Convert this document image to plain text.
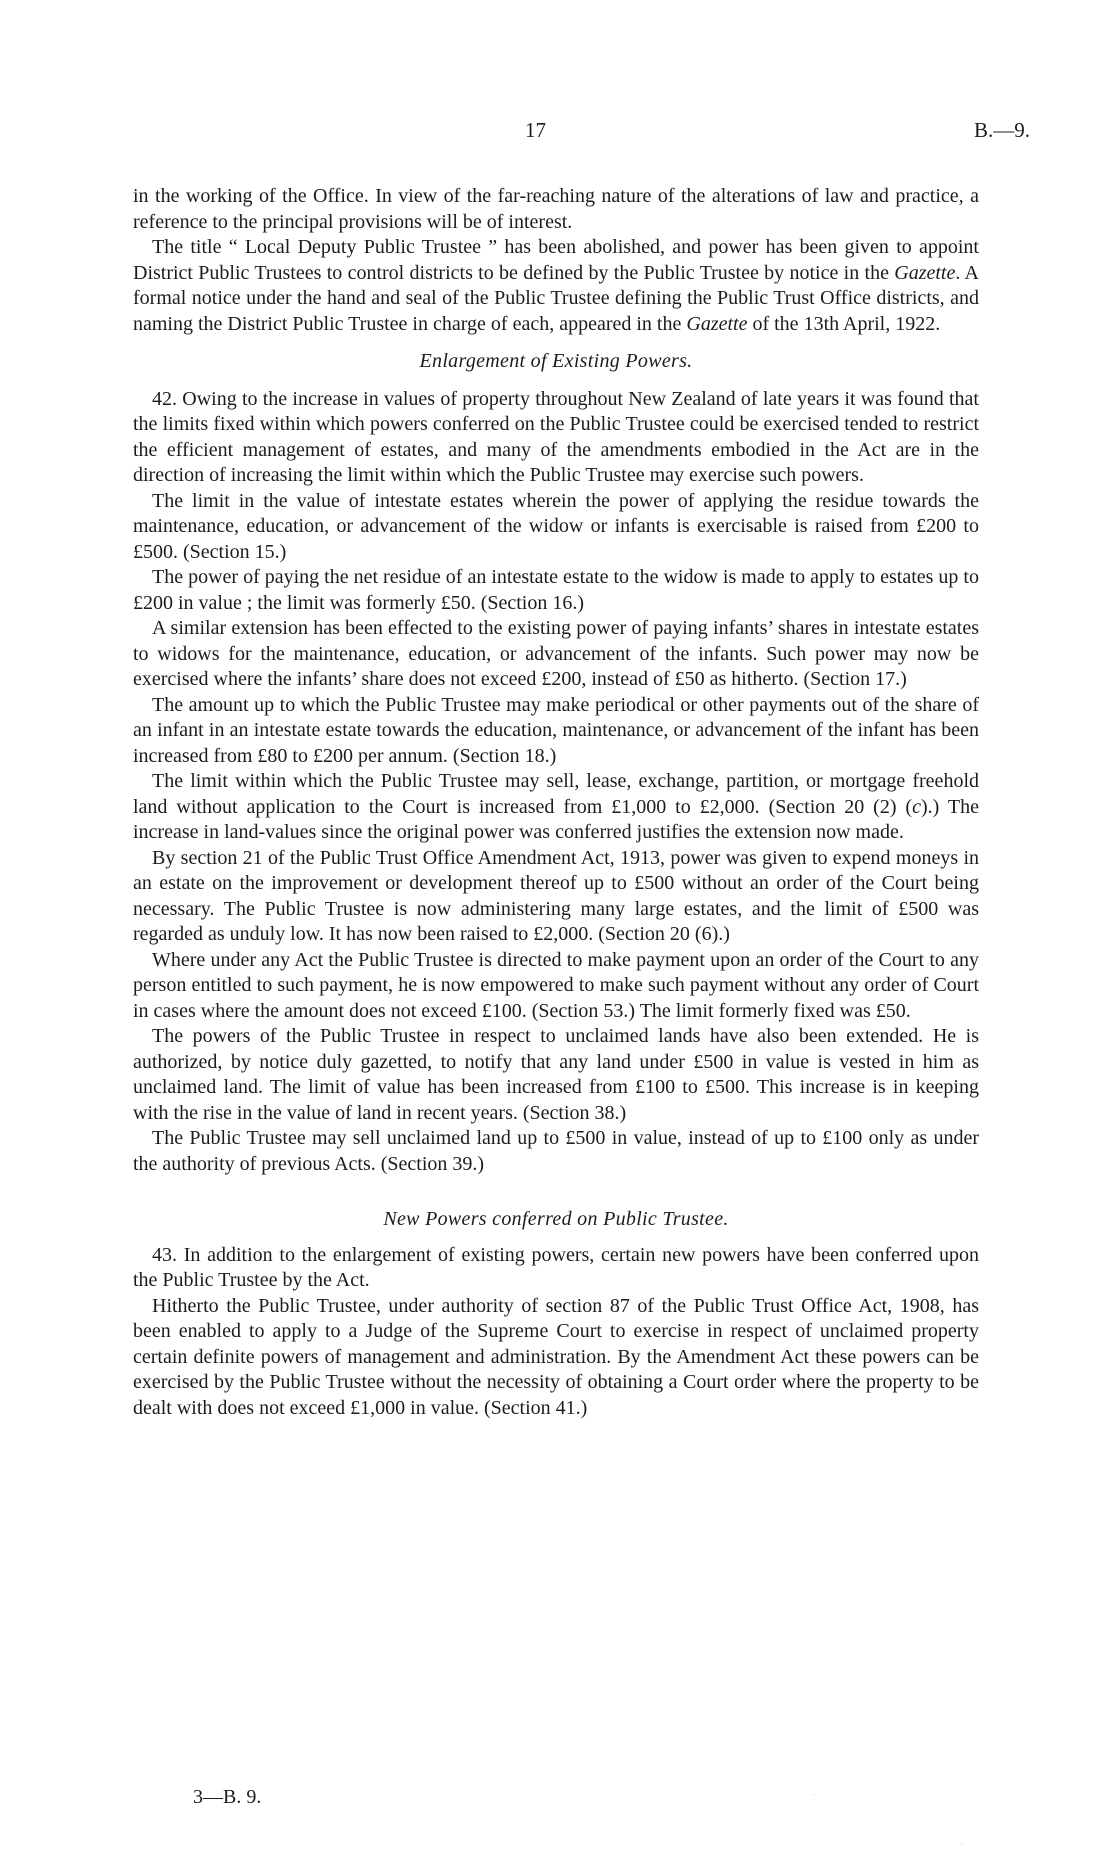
17	B.—9.

in the working of the Office. In view of the far-reaching nature of the alterations of law and practice, a reference to the principal provisions will be of interest.

The title “ Local Deputy Public Trustee ” has been abolished, and power has been given to appoint District Public Trustees to control districts to be defined by the Public Trustee by notice in the Gazette. A formal notice under the hand and seal of the Public Trustee defining the Public Trust Office districts, and naming the District Public Trustee in charge of each, appeared in the Gazette of the 13th April, 1922.

Enlargement of Existing Powers.

42. Owing to the increase in values of property throughout New Zealand of late years it was found that the limits fixed within which powers conferred on the Public Trustee could be exercised tended to restrict the efficient management of estates, and many of the amendments embodied in the Act are in the direction of increasing the limit within which the Public Trustee may exercise such powers.

The limit in the value of intestate estates wherein the power of applying the residue towards the maintenance, education, or advancement of the widow or infants is exercisable is raised from £200 to £500. (Section 15.)

The power of paying the net residue of an intestate estate to the widow is made to apply to estates up to £200 in value ; the limit was formerly £50. (Section 16.)

A similar extension has been effected to the existing power of paying infants’ shares in intestate estates to widows for the maintenance, education, or advancement of the infants. Such power may now be exercised where the infants’ share does not exceed £200, instead of £50 as hitherto. (Section 17.)

The amount up to which the Public Trustee may make periodical or other payments out of the share of an infant in an intestate estate towards the education, maintenance, or advancement of the infant has been increased from £80 to £200 per annum. (Section 18.)

The limit within which the Public Trustee may sell, lease, exchange, partition, or mortgage freehold land without application to the Court is increased from £1,000 to £2,000. (Section 20 (2) (c).) The increase in land-values since the original power was conferred justifies the extension now made.

By section 21 of the Public Trust Office Amendment Act, 1913, power was given to expend moneys in an estate on the improvement or development thereof up to £500 without an order of the Court being necessary. The Public Trustee is now administering many large estates, and the limit of £500 was regarded as unduly low. It has now been raised to £2,000. (Section 20 (6).)

Where under any Act the Public Trustee is directed to make payment upon an order of the Court to any person entitled to such payment, he is now empowered to make such payment without any order of Court in cases where the amount does not exceed £100. (Section 53.) The limit formerly fixed was £50.

The powers of the Public Trustee in respect to unclaimed lands have also been extended. He is authorized, by notice duly gazetted, to notify that any land under £500 in value is vested in him as unclaimed land. The limit of value has been increased from £100 to £500. This increase is in keeping with the rise in the value of land in recent years. (Section 38.)

The Public Trustee may sell unclaimed land up to £500 in value, instead of up to £100 only as under the authority of previous Acts. (Section 39.)

New Powers conferred on Public Trustee.

43. In addition to the enlargement of existing powers, certain new powers have been conferred upon the Public Trustee by the Act.

Hitherto the Public Trustee, under authority of section 87 of the Public Trust Office Act, 1908, has been enabled to apply to a Judge of the Supreme Court to exercise in respect of unclaimed property certain definite powers of management and administration. By the Amendment Act these powers can be exercised by the Public Trustee without the necessity of obtaining a Court order where the property to be dealt with does not exceed £1,000 in value. (Section 41.)

3—B. 9.	·
·
